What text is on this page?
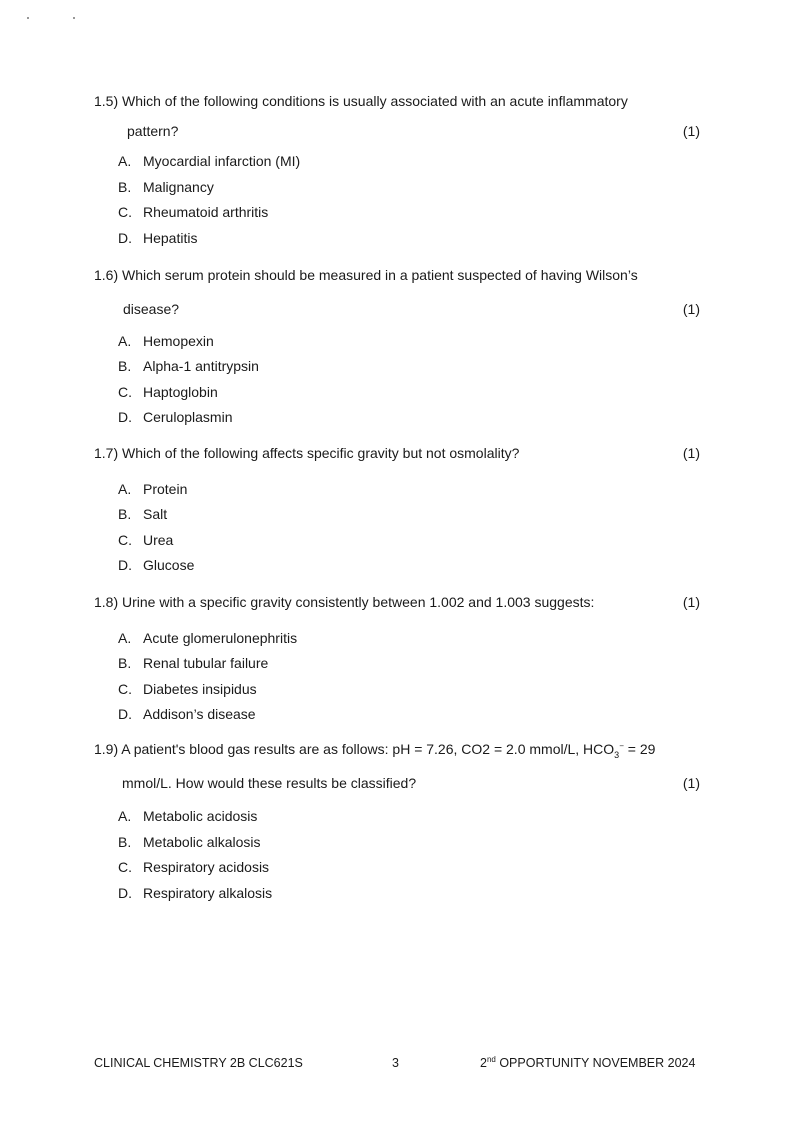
1.5) Which of the following conditions is usually associated with an acute inflammatory
pattern?	(1)
A. Myocardial infarction (MI)
B. Malignancy
C. Rheumatoid arthritis
D. Hepatitis
1.6) Which serum protein should be measured in a patient suspected of having Wilson’s
disease?	(1)
A. Hemopexin
B. Alpha-1 antitrypsin
C. Haptoglobin
D. Ceruloplasmin
1.7) Which of the following affects specific gravity but not osmolality?	(1)
A. Protein
B. Salt
C. Urea
D. Glucose
1.8) Urine with a specific gravity consistently between 1.002 and 1.003 suggests:	(1)
A. Acute glomerulonephritis
B. Renal tubular failure
C. Diabetes insipidus
D. Addison’s disease
1.9) A patient's blood gas results are as follows: pH = 7.26, CO2 = 2.0 mmol/L, $HCO_3^- = 29$
mmol/L. How would these results be classified?	(1)
A. Metabolic acidosis
B. Metabolic alkalosis
C. Respiratory acidosis
D. Respiratory alkalosis
CLINICAL CHEMISTRY 2B CLC621S	3	2nd OPPORTUNITY NOVEMBER 2024
